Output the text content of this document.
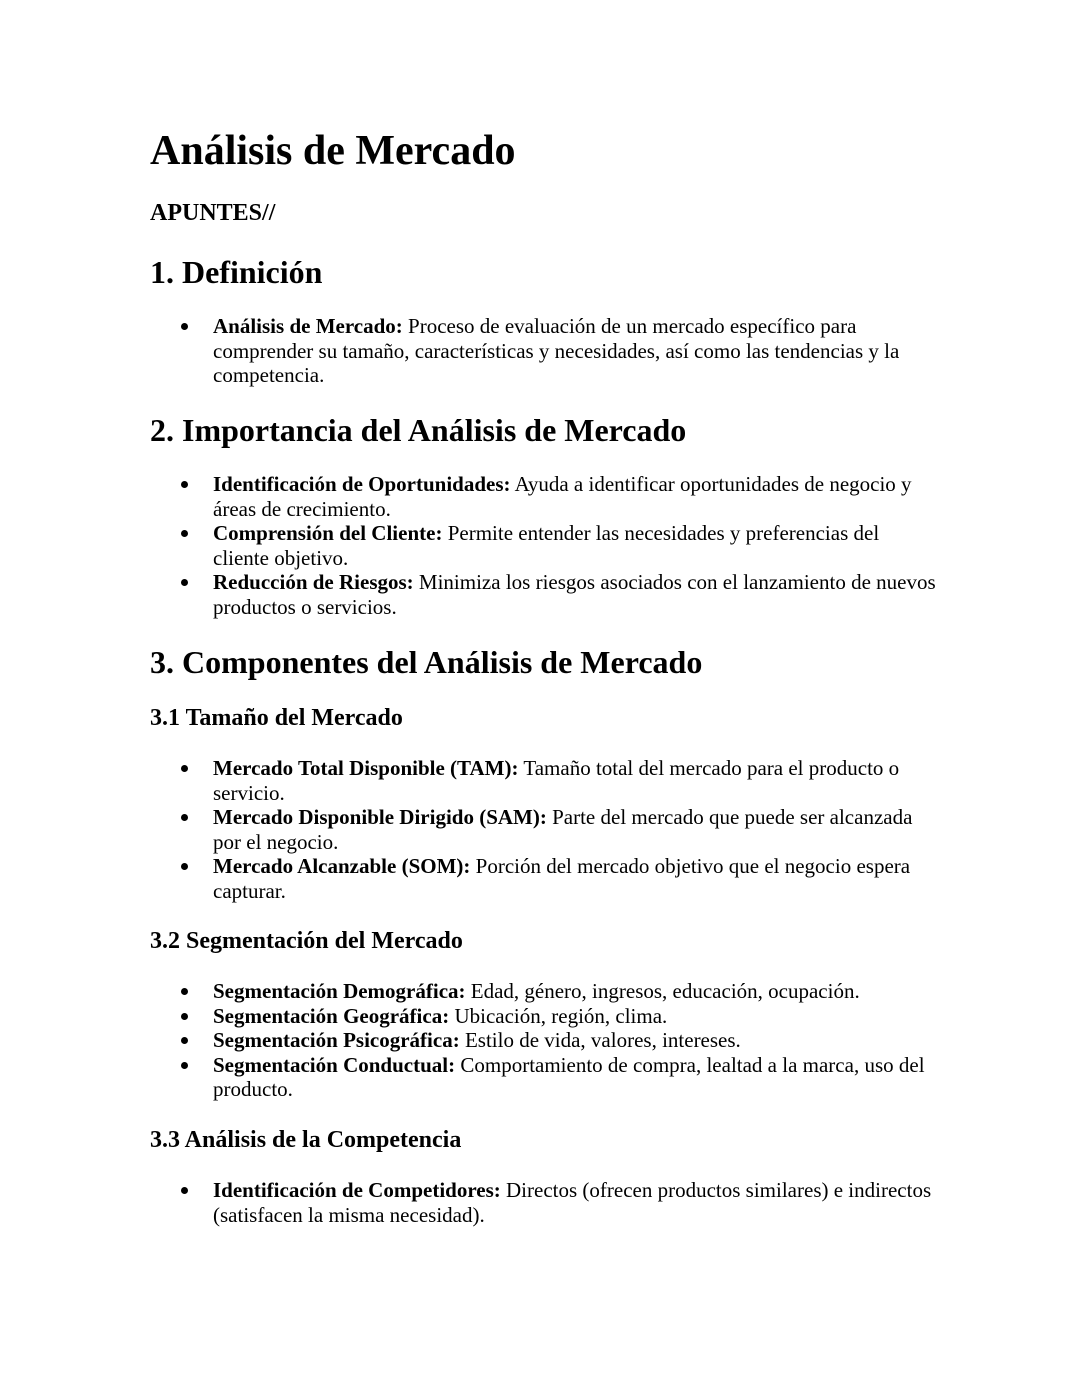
Análisis de Mercado
APUNTES//
1. Definición
Análisis de Mercado: Proceso de evaluación de un mercado específico para comprender su tamaño, características y necesidades, así como las tendencias y la competencia.
2. Importancia del Análisis de Mercado
Identificación de Oportunidades: Ayuda a identificar oportunidades de negocio y áreas de crecimiento.
Comprensión del Cliente: Permite entender las necesidades y preferencias del cliente objetivo.
Reducción de Riesgos: Minimiza los riesgos asociados con el lanzamiento de nuevos productos o servicios.
3. Componentes del Análisis de Mercado
3.1 Tamaño del Mercado
Mercado Total Disponible (TAM): Tamaño total del mercado para el producto o servicio.
Mercado Disponible Dirigido (SAM): Parte del mercado que puede ser alcanzada por el negocio.
Mercado Alcanzable (SOM): Porción del mercado objetivo que el negocio espera capturar.
3.2 Segmentación del Mercado
Segmentación Demográfica: Edad, género, ingresos, educación, ocupación.
Segmentación Geográfica: Ubicación, región, clima.
Segmentación Psicográfica: Estilo de vida, valores, intereses.
Segmentación Conductual: Comportamiento de compra, lealtad a la marca, uso del producto.
3.3 Análisis de la Competencia
Identificación de Competidores: Directos (ofrecen productos similares) e indirectos (satisfacen la misma necesidad).
